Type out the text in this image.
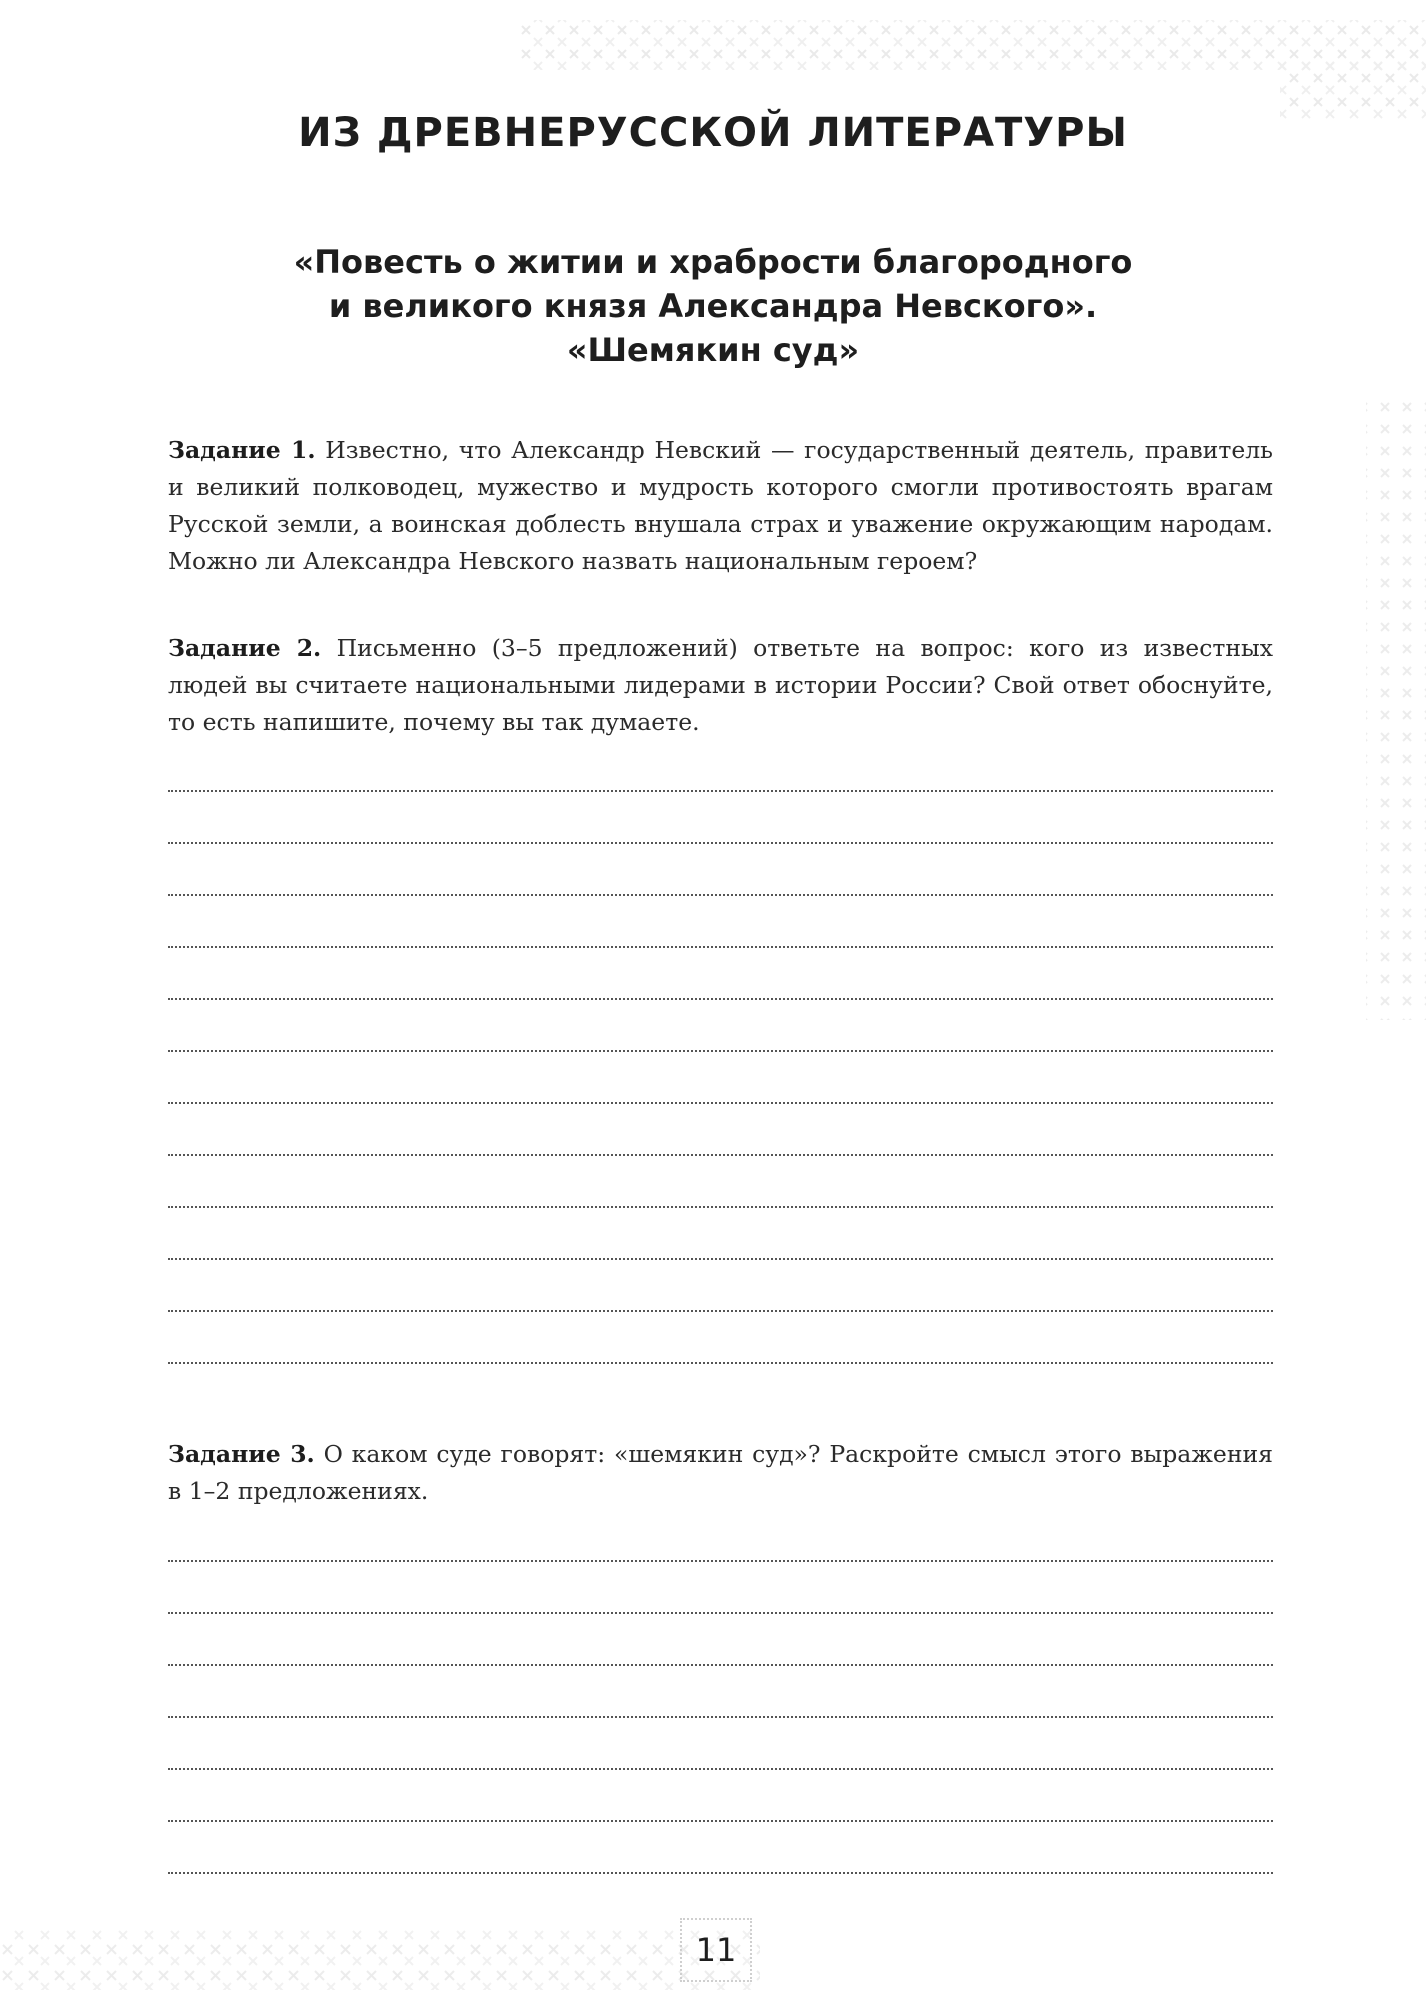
ИЗ ДРЕВНЕРУССКОЙ ЛИТЕРАТУРЫ
«Повесть о житии и храбрости благородного
и великого князя Александра Невского».
«Шемякин суд»

Задание 1. Известно, что Александр Невский — государственный деятель, правитель и великий полководец, мужество и мудрость которого смогли противостоять врагам Русской земли, а воинская доблесть внушала страх и уважение окружающим народам. Можно ли Александра Невского назвать национальным героем?

Задание 2. Письменно (3–5 предложений) ответьте на вопрос: кого из известных людей вы считаете национальными лидерами в истории России? Свой ответ обоснуйте, то есть напишите, почему вы так думаете.

Задание 3. О каком суде говорят: «шемякин суд»? Раскройте смысл этого выражения в 1–2 предложениях.

11
